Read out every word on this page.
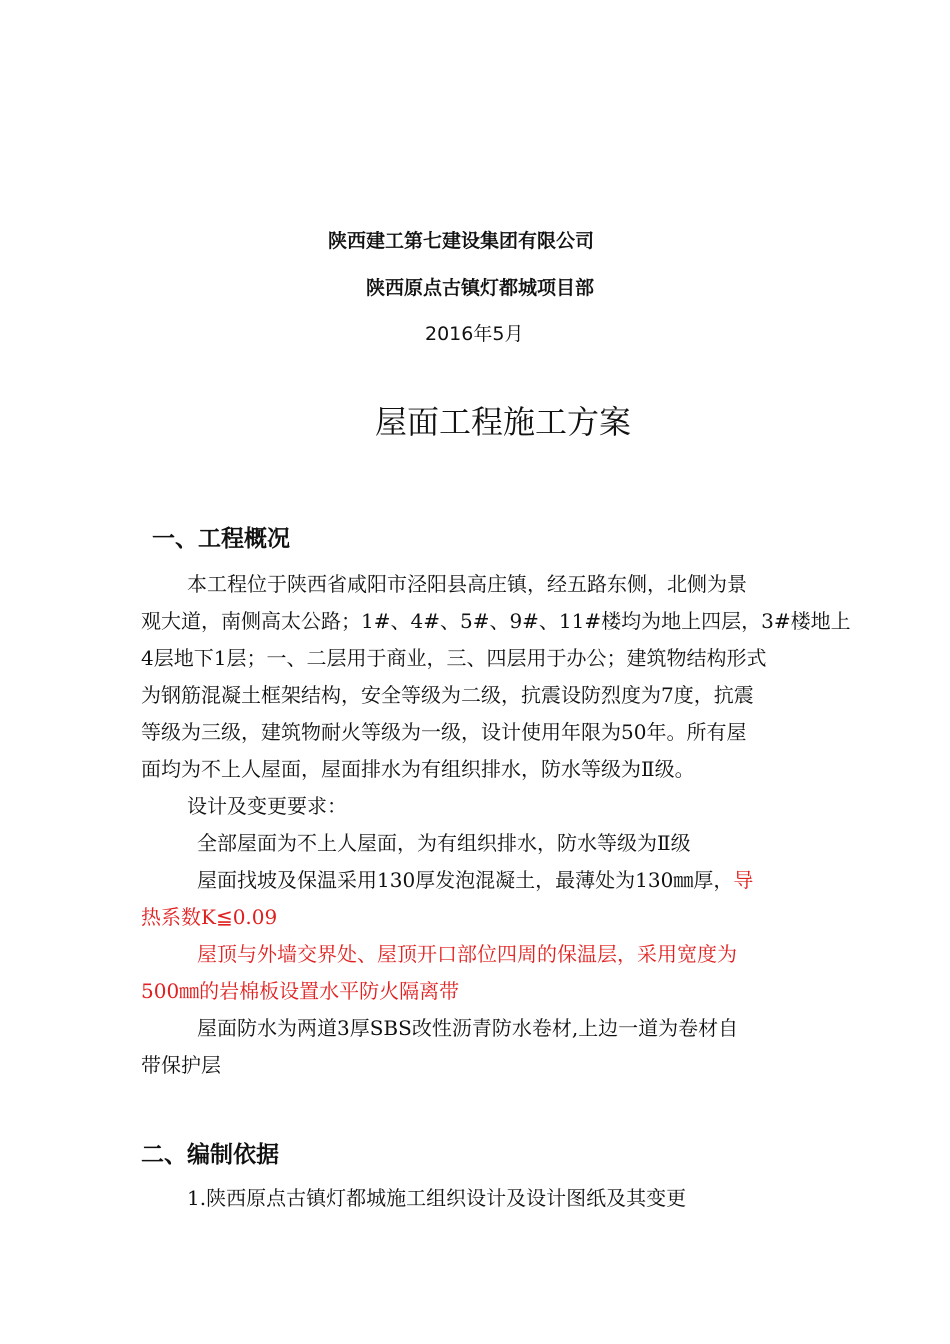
陕西建工第七建设集团有限公司
陕西原点古镇灯都城项目部
2016年5月
屋面工程施工方案
一、工程概况
本工程位于陕西省咸阳市泾阳县高庄镇，经五路东侧，北侧为景
观大道，南侧高太公路；1#、4#、5#、9#、11#楼均为地上四层，3#楼地上
4层地下1层；一、二层用于商业，三、四层用于办公；建筑物结构形式
为钢筋混凝土框架结构，安全等级为二级，抗震设防烈度为7度，抗震
等级为三级，建筑物耐火等级为一级，设计使用年限为50年。所有屋
面均为不上人屋面，屋面排水为有组织排水，防水等级为Ⅱ级。
设计及变更要求：
全部屋面为不上人屋面，为有组织排水，防水等级为Ⅱ级
屋面找坡及保温采用130厚发泡混凝土，最薄处为130㎜厚，导
热系数K≦0.09
屋顶与外墙交界处、屋顶开口部位四周的保温层，采用宽度为
500㎜的岩棉板设置水平防火隔离带
屋面防水为两道3厚SBS改性沥青防水卷材,上边一道为卷材自
带保护层
二、编制依据
1.陕西原点古镇灯都城施工组织设计及设计图纸及其变更
